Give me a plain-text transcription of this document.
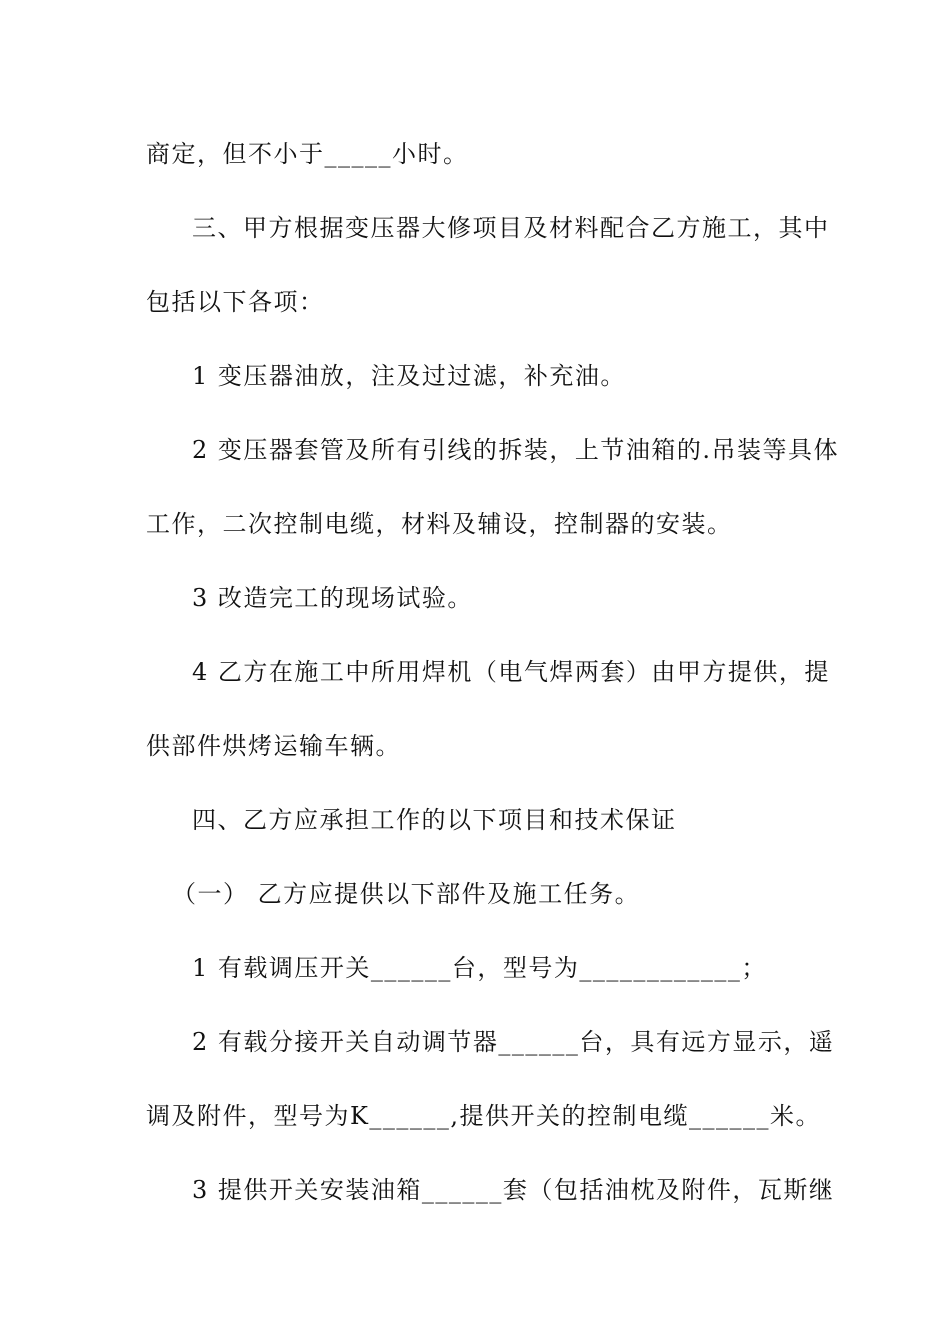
商定，但不小于_____小时。
三、甲方根据变压器大修项目及材料配合乙方施工，其中
包括以下各项：
1 变压器油放，注及过过滤，补充油。
2 变压器套管及所有引线的拆装，上节油箱的.吊装等具体
工作，二次控制电缆，材料及辅设，控制器的安装。
3 改造完工的现场试验。
4 乙方在施工中所用焊机（电气焊两套）由甲方提供，提
供部件烘烤运输车辆。
四、乙方应承担工作的以下项目和技术保证
（一） 乙方应提供以下部件及施工任务。
1 有载调压开关______台，型号为____________；
2 有载分接开关自动调节器______台，具有远方显示，遥
调及附件，型号为K______,提供开关的控制电缆______米。
3 提供开关安装油箱______套（包括油枕及附件，瓦斯继
